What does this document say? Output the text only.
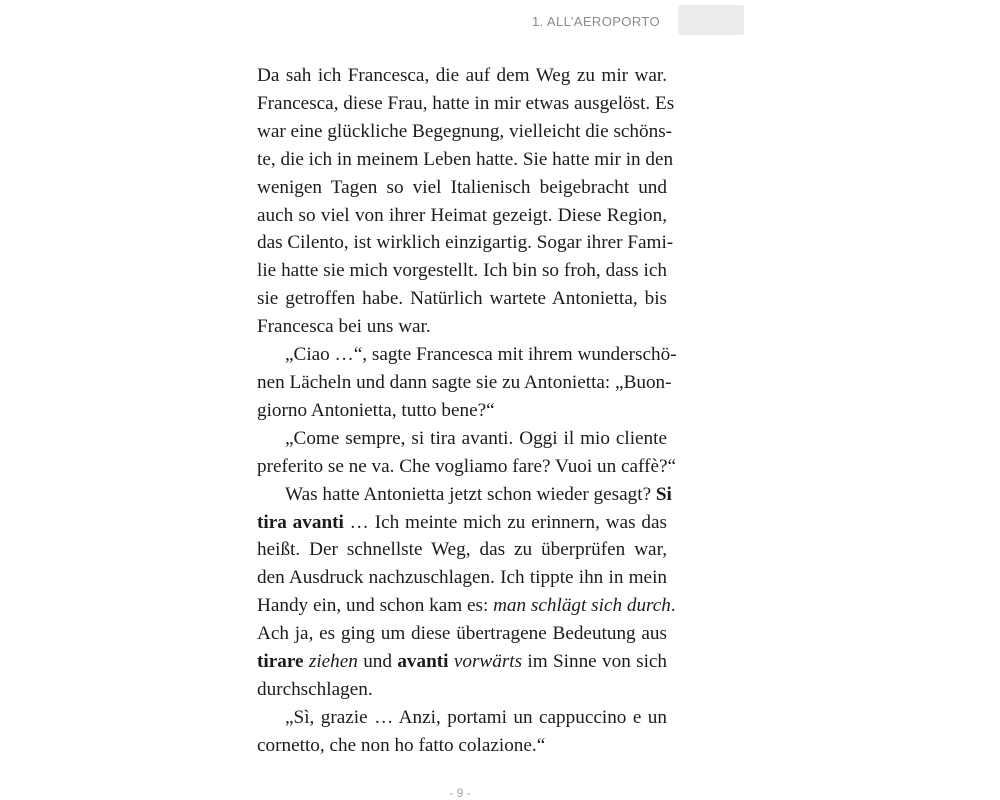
1. ALL’AEROPORTO

Da sah ich Francesca, die auf dem Weg zu mir war.
Francesca, diese Frau, hatte in mir etwas ausgelöst. Es
war eine glückliche Begegnung, vielleicht die schöns-
te, die ich in meinem Leben hatte. Sie hatte mir in den
wenigen Tagen so viel Italienisch beigebracht und
auch so viel von ihrer Heimat gezeigt. Diese Region,
das Cilento, ist wirklich einzigartig. Sogar ihrer Fami-
lie hatte sie mich vorgestellt. Ich bin so froh, dass ich
sie getroffen habe. Natürlich wartete Antonietta, bis
Francesca bei uns war.

„Ciao …“, sagte Francesca mit ihrem wunderschö-
nen Lächeln und dann sagte sie zu Antonietta: „Buon-
giorno Antonietta, tutto bene?“

„Come sempre, si tira avanti. Oggi il mio cliente
preferito se ne va. Che vogliamo fare? Vuoi un caffè?“

Was hatte Antonietta jetzt schon wieder gesagt? Si
tira avanti … Ich meinte mich zu erinnern, was das
heißt. Der schnellste Weg, das zu überprüfen war,
den Ausdruck nachzuschlagen. Ich tippte ihn in mein
Handy ein, und schon kam es: man schlägt sich durch.
Ach ja, es ging um diese übertragene Bedeutung aus
tirare ziehen und avanti vorwärts im Sinne von sich
durchschlagen.

„Sì, grazie … Anzi, portami un cappuccino e un
cornetto, che non ho fatto colazione.“

- 9 -
